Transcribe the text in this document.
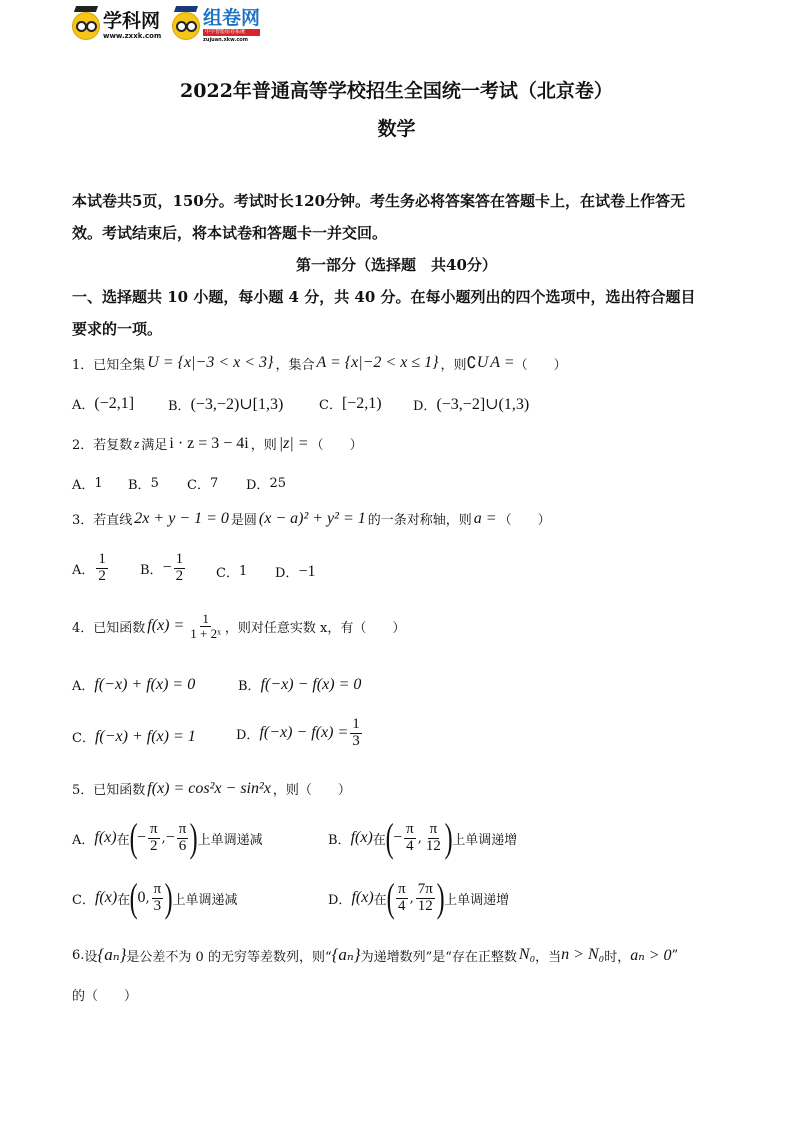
学科网
www.zxxk.com
组卷网
中学智能组卷系统
zujuan.xkw.com
2022年普通高等学校招生全国统一考试（北京卷）
数学
本试卷共5页，150分。考试时长120分钟。考生务必将答案答在答题卡上，在试卷上作答无
效。考试结束后，将本试卷和答题卡一并交回。
第一部分（选择题　共40分）
一、选择题共 10 小题，每小题 4 分，共 40 分。在每小题列出的四个选项中，选出符合题目
要求的一项。
1． 已知全集 U = {x|−3 < x < 3} ，集合 A = {x|−2 < x ≤ 1} ，则 ∁ U A = （　　）
A． (−2,1]	B． (−3,−2)∪[1,3)	C． [−2,1) D． (−3,−2]∪(1,3)
2． 若复数 z 满足 i · z = 3 − 4i ，则 |z| = （　　）
A． 1 B． 5 C． 7 D． 25
3． 若直线 2x + y − 1 = 0 是圆 (x − a)² + y² = 1 的一条对称轴，则 a = （　　）
A． $\frac{1}{2}$ B． − $\frac{1}{2}$ C． 1 D． −1
4． 已知函数 $f(x) = \frac{1}{\text{1 + 2ˣ}}$ ，则对任意实数 x，有 （　　）
A． f(−x) + f(x) = 0	B． f(−x) − f(x) = 0
C． f(−x) + f(x) = 1	D． $f(-x) - f(x) = \frac{1}{3}$
5． 已知函数 f(x) = cos²x − sin²x ，则 （　　）
A． f(x) 在 ( − $\frac{\pi}{2}$ , − $\frac{\pi}{6}$ ) 上单调递减	B． f(x) 在 ( − $\frac{\pi}{4}$ , $\frac{\pi}{12}$ ) 上单调递增
C． f(x) 在 ( 0 , $\frac{\pi}{3}$ ) 上单调递减	D． f(x) 在 ( $\frac{\pi}{4}$ , $\frac{7\pi}{12}$ ) 上单调递增
6. 设 {aₙ} 是公差不为 0 的无穷等差数列，则“ {aₙ} 为递增数列”是“存在正整数 N₀ ，当 n > N₀ 时， aₙ > 0 ”
的（　　）
